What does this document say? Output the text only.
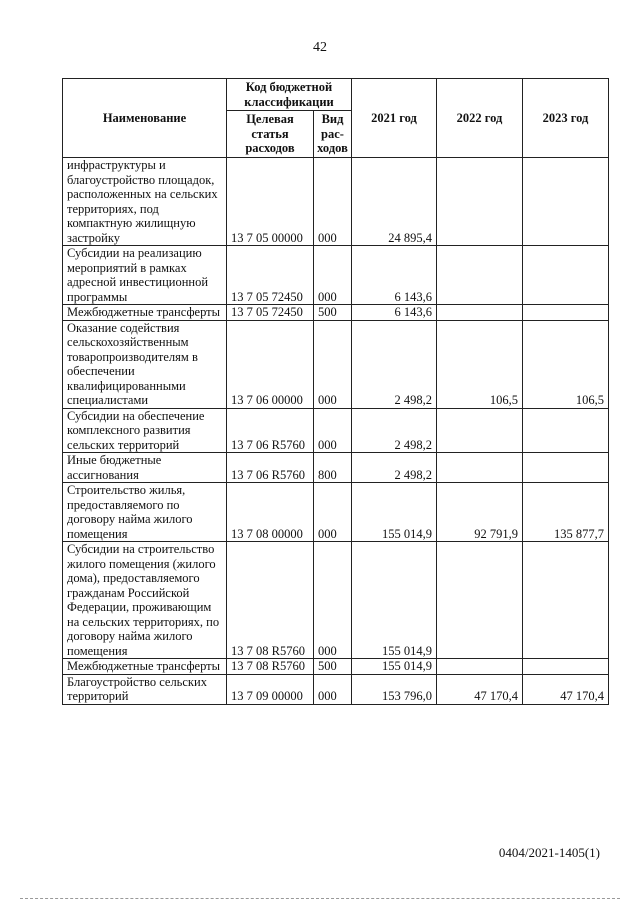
42
Наименование	Код бюджетной классификации		2021 год	2022 год	2023 год
	Целевая статья расходов	Вид рас-ходов			
инфраструктуры и благоустройство площадок, расположенных на сельских территориях, под компактную жилищную застройку	13 7 05 00000	000	24 895,4		
Субсидии на реализацию мероприятий в рамках адресной инвестиционной программы	13 7 05 72450	000	6 143,6		
Межбюджетные трансферты	13 7 05 72450	500	6 143,6		
Оказание содействия сельскохозяйственным товаропроизводителям в обеспечении квалифицированными специалистами	13 7 06 00000	000	2 498,2	106,5	106,5
Субсидии на обеспечение комплексного развития сельских территорий	13 7 06 R5760	000	2 498,2		
Иные бюджетные ассигнования	13 7 06 R5760	800	2 498,2		
Строительство жилья, предоставляемого по договору найма жилого помещения	13 7 08 00000	000	155 014,9	92 791,9	135 877,7
Субсидии на строительство жилого помещения (жилого дома), предоставляемого гражданам Российской Федерации, проживающим на сельских территориях, по договору найма жилого помещения	13 7 08 R5760	000	155 014,9		
Межбюджетные трансферты	13 7 08 R5760	500	155 014,9		
Благоустройство сельских территорий	13 7 09 00000	000	153 796,0	47 170,4	47 170,4
0404/2021-1405(1)
